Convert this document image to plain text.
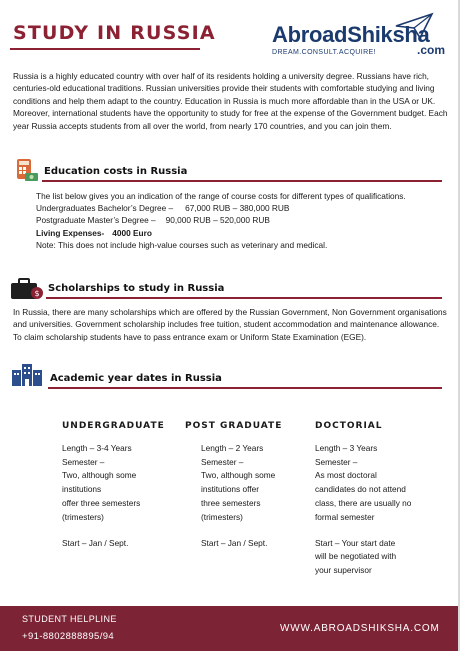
STUDY IN RUSSIA	AbroadShiksha
.com
DREAM.CONSULT.ACQUIRE!

Russia is a highly educated country with over half of its residents holding a university degree. Russians have rich, centuries-old educational traditions. Russian universities provide their students with comfortable studying and living conditions and help them adapt to the country. Education in Russia is much more affordable than in the USA or UK. Moreover, international students have the opportunity to study for free at the expense of the Government budget. Each year Russia accepts students from all over the world, from nearly 170 countries, and you can join them.

Education costs in Russia
The list below gives you an indication of the range of course costs for different types of qualifications.
Undergraduates Bachelor’s Degree – 67,000 RUB – 380,000 RUB
Postgraduate Master’s Degree – 90,000 RUB – 520,000 RUB
Living Expenses- 4000 Euro
Note: This does not include high-value courses such as veterinary and medical.
$ Scholarships to study in Russia

In Russia, there are many scholarships which are offered by the Russian Government, Non Government organisations and universities. Government scholarship includes free tuition, student accommodation and maintenance allowance. To claim scholarship students have to pass entrance exam or Uniform State Examination (EGE).

Academic year dates in Russia
UNDERGRADUATE
Length – 3-4 Years
Semester –
Two, although some
institutions
offer three semesters
(trimesters)
Start – Jan / Sept.
POST GRADUATE
Length – 2 Years
Semester –
Two, although some
institutions offer
three semesters
(trimesters)
Start – Jan / Sept.
DOCTORIAL
Length – 3 Years
Semester –
As most doctoral
candidates do not attend
class, there are usually no
formal semester
Start – Your start date
will be negotiated with
your supervisor
STUDENT HELPLINE
+91-8802888895/94
WWW.ABROADSHIKSHA.COM
